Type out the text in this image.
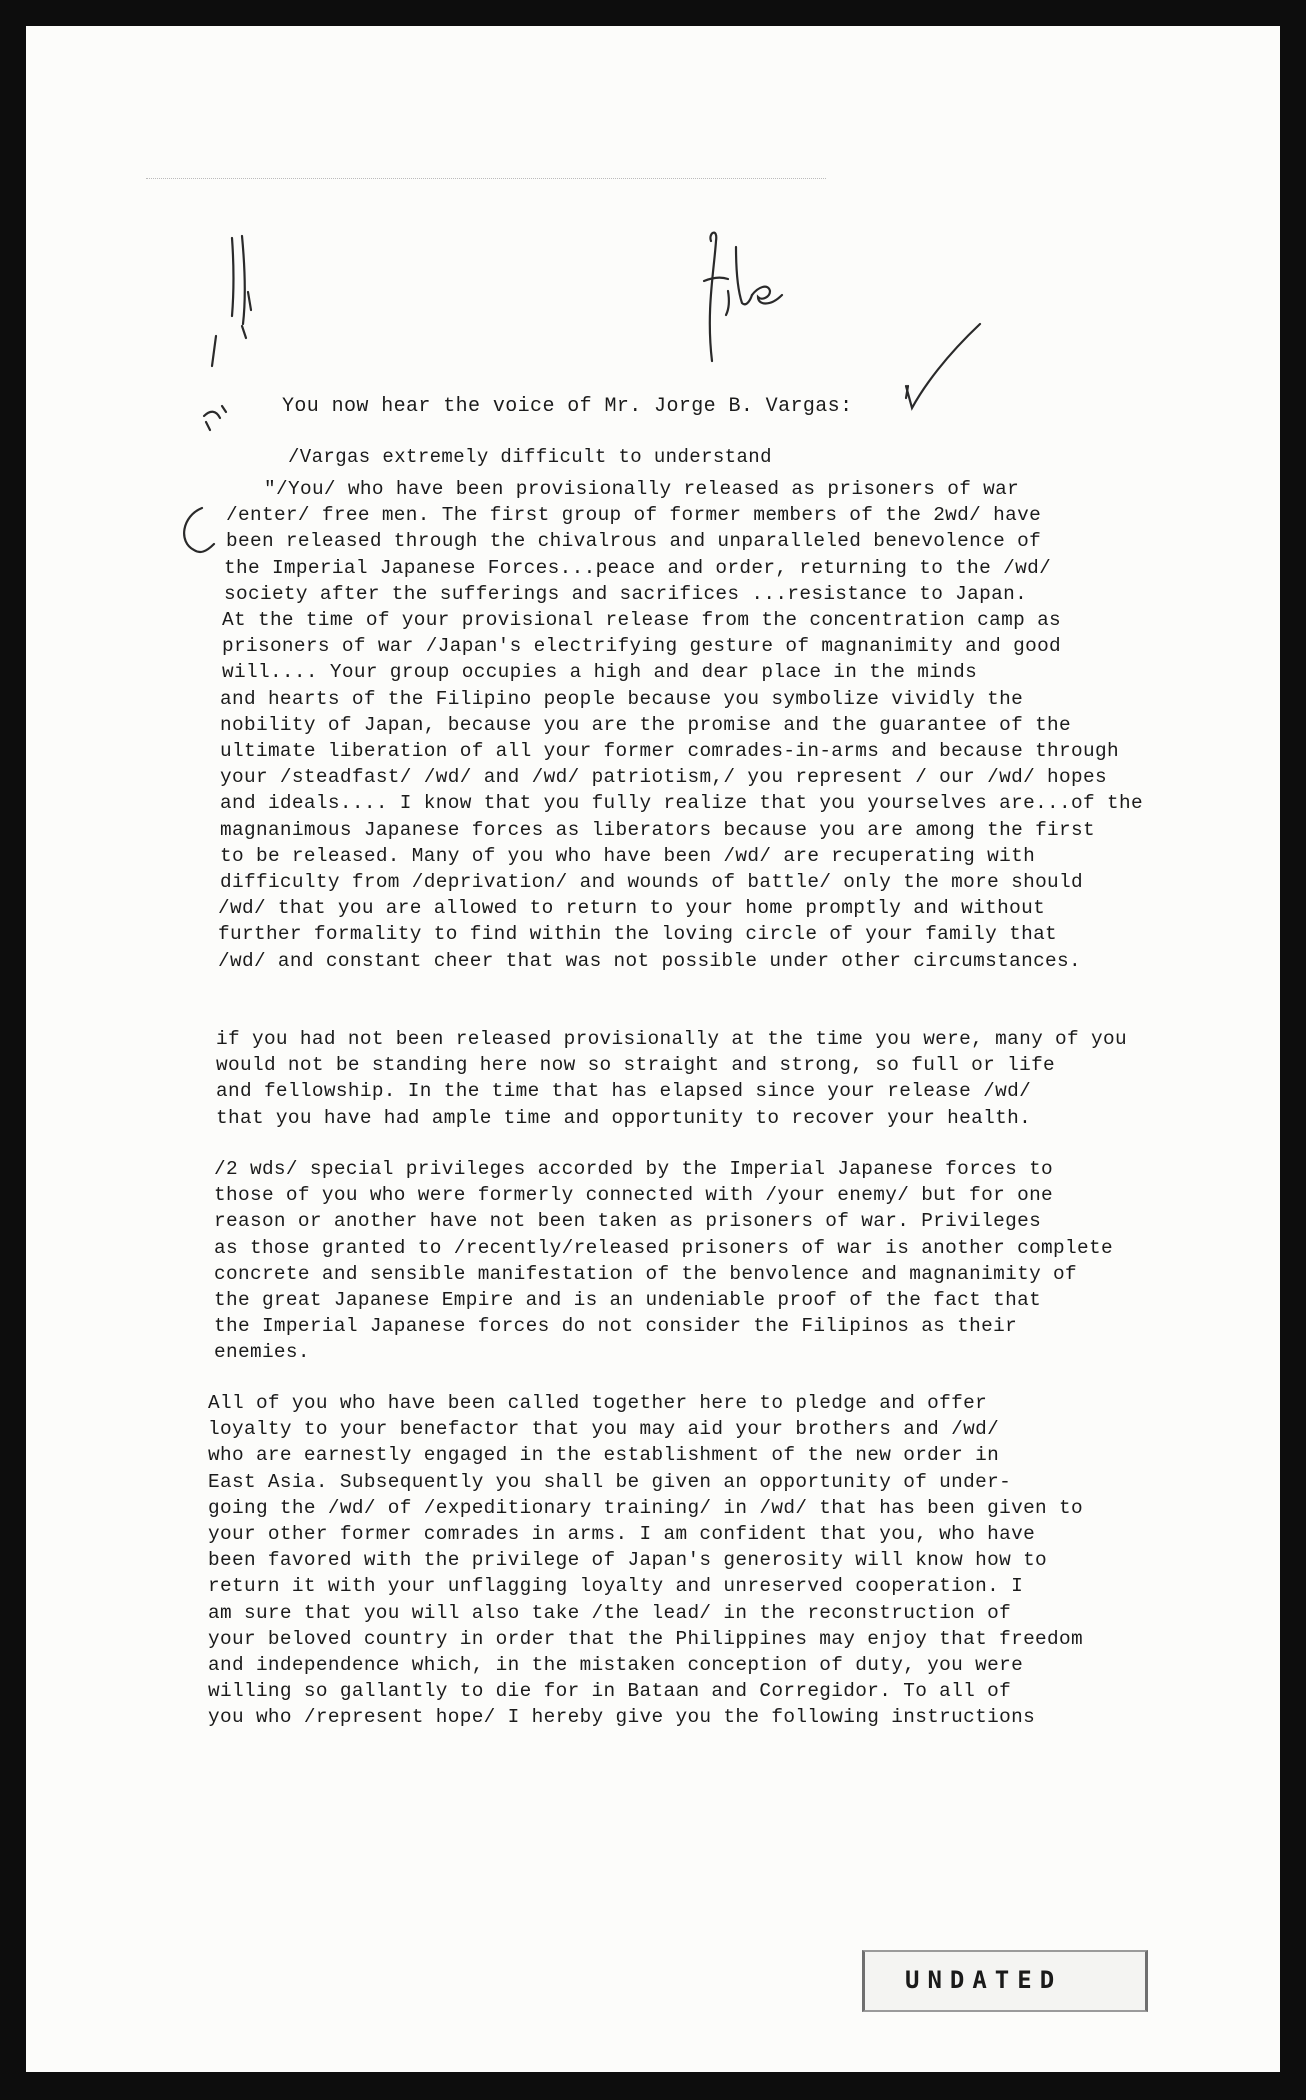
You now hear the voice of Mr. Jorge B. Vargas:
/Vargas extremely difficult to understand
"/You/ who have been provisionally released as prisoners of war
/enter/ free men. The first group of former members of the 2wd/ have
been released through the chivalrous and unparalleled benevolence of
the Imperial Japanese Forces...peace and order, returning to the /wd/
society after the sufferings and sacrifices ...resistance to Japan.
At the time of your provisional release from the concentration camp as
prisoners of war /Japan's electrifying gesture of magnanimity and good
will.... Your group occupies a high and dear place in the minds
and hearts of the Filipino people because you symbolize vividly the
nobility of Japan, because you are the promise and the guarantee of the
ultimate liberation of all your former comrades-in-arms and because through
your /steadfast/ /wd/ and /wd/ patriotism,/ you represent / our /wd/ hopes
and ideals.... I know that you fully realize that you yourselves are...of the
magnanimous Japanese forces as liberators because you are among the first
to be released. Many of you who have been /wd/ are recuperating with
difficulty from /deprivation/ and wounds of battle/ only the more should
/wd/ that you are allowed to return to your home promptly and without
further formality to find within the loving circle of your family that
/wd/ and constant cheer that was not possible under other circumstances.
if you had not been released provisionally at the time you were, many of you
would not be standing here now so straight and strong, so full or life
and fellowship. In the time that has elapsed since your release /wd/
that you have had ample time and opportunity to recover your health.
/2 wds/ special privileges accorded by the Imperial Japanese forces to
those of you who were formerly connected with /your enemy/ but for one
reason or another have not been taken as prisoners of war. Privileges
as those granted to /recently/released prisoners of war is another complete
concrete and sensible manifestation of the benvolence and magnanimity of
the great Japanese Empire and is an undeniable proof of the fact that
the Imperial Japanese forces do not consider the Filipinos as their
enemies.
All of you who have been called together here to pledge and offer
loyalty to your benefactor that you may aid your brothers and /wd/
who are earnestly engaged in the establishment of the new order in
East Asia. Subsequently you shall be given an opportunity of under-
going the /wd/ of /expeditionary training/ in /wd/ that has been given to
your other former comrades in arms. I am confident that you, who have
been favored with the privilege of Japan's generosity will know how to
return it with your unflagging loyalty and unreserved cooperation. I
am sure that you will also take /the lead/ in the reconstruction of
your beloved country in order that the Philippines may enjoy that freedom
and independence which, in the mistaken conception of duty, you were
willing so gallantly to die for in Bataan and Corregidor. To all of
you who /represent hope/ I hereby give you the following instructions
UNDATED
